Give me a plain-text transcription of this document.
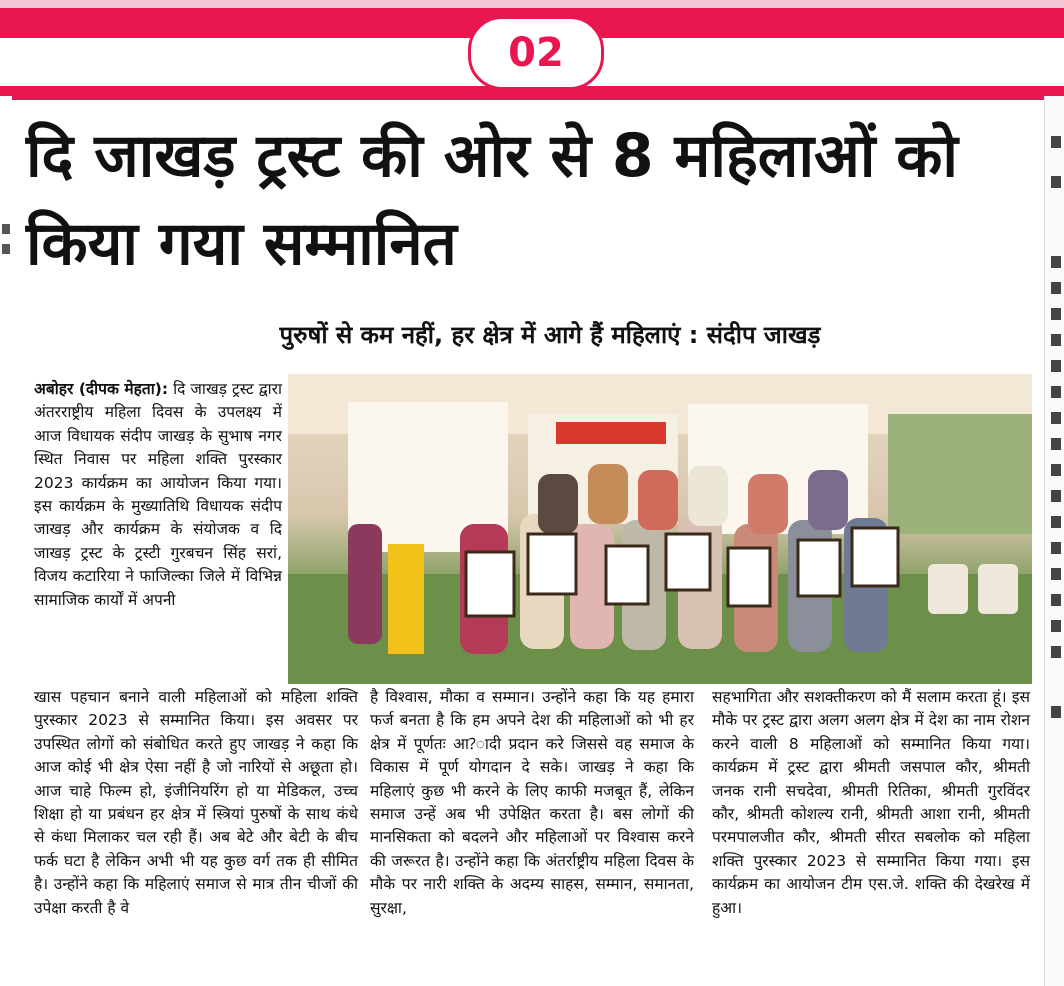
02
दि जाखड़ ट्रस्ट की ओर से 8 महिलाओं को किया गया सम्मानित
पुरुषों से कम नहीं, हर क्षेत्र में आगे हैं महिलाएं : संदीप जाखड़

अबोहर (दीपक मेहता): दि जाखड़ ट्रस्ट द्वारा अंतरराष्ट्रीय महिला दिवस के उपलक्ष्य में आज विधायक संदीप जाखड़ के सुभाष नगर स्थित निवास पर महिला शक्ति पुरस्कार 2023 कार्यक्रम का आयोजन किया गया। इस कार्यक्रम के मुख्यातिथि विधायक संदीप जाखड़ और कार्यक्रम के संयोजक व दि जाखड़ ट्रस्ट के ट्रस्टी गुरबचन सिंह सरां, विजय कटारिया ने फाजिल्का जिले में विभिन्न सामाजिक कार्यों में अपनी

खास पहचान बनाने वाली महिलाओं को महिला शक्ति पुरस्कार 2023 से सम्मानित किया। इस अवसर पर उपस्थित लोगों को संबोधित करते हुए जाखड़ ने कहा कि आज कोई भी क्षेत्र ऐसा नहीं है जो नारियों से अछूता हो। आज चाहे फिल्म हो, इंजीनियरिंग हो या मेडिकल, उच्च शिक्षा हो या प्रबंधन हर क्षेत्र में स्त्रियां पुरुषों के साथ कंधे से कंधा मिलाकर चल रही हैं। अब बेटे और बेटी के बीच फर्क घटा है लेकिन अभी भी यह कुछ वर्ग तक ही सीमित है। उन्होंने कहा कि महिलाएं समाज से मात्र तीन चीजों की उपेक्षा करती है वे

है विश्वास, मौका व सम्मान। उन्होंने कहा कि यह हमारा फर्ज बनता है कि हम अपने देश की महिलाओं को भी हर क्षेत्र में पूर्णतः आ?ादी प्रदान करे जिससे वह समाज के विकास में पूर्ण योगदान दे सके। जाखड़ ने कहा कि महिलाएं कुछ भी करने के लिए काफी मजबूत हैं, लेकिन समाज उन्हें अब भी उपेक्षित करता है। बस लोगों की मानसिकता को बदलने और महिलाओं पर विश्वास करने की जरूरत है। उन्होंने कहा कि अंतर्राष्ट्रीय महिला दिवस के मौके पर नारी शक्ति के अदम्य साहस, सम्मान, समानता, सुरक्षा,

सहभागिता और सशक्तीकरण को मैं सलाम करता हूं। इस मौके पर ट्रस्ट द्वारा अलग अलग क्षेत्र में देश का नाम रोशन करने वाली 8 महिलाओं को सम्मानित किया गया। कार्यक्रम में ट्रस्ट द्वारा श्रीमती जसपाल कौर, श्रीमती जनक रानी सचदेवा, श्रीमती रितिका, श्रीमती गुरविंदर कौर, श्रीमती कोशल्य रानी, श्रीमती आशा रानी, श्रीमती परमपालजीत कौर, श्रीमती सीरत सबलोक को महिला शक्ति पुरस्कार 2023 से सम्मानित किया गया। इस कार्यक्रम का आयोजन टीम एस.जे. शक्ति की देखरेख में हुआ।
